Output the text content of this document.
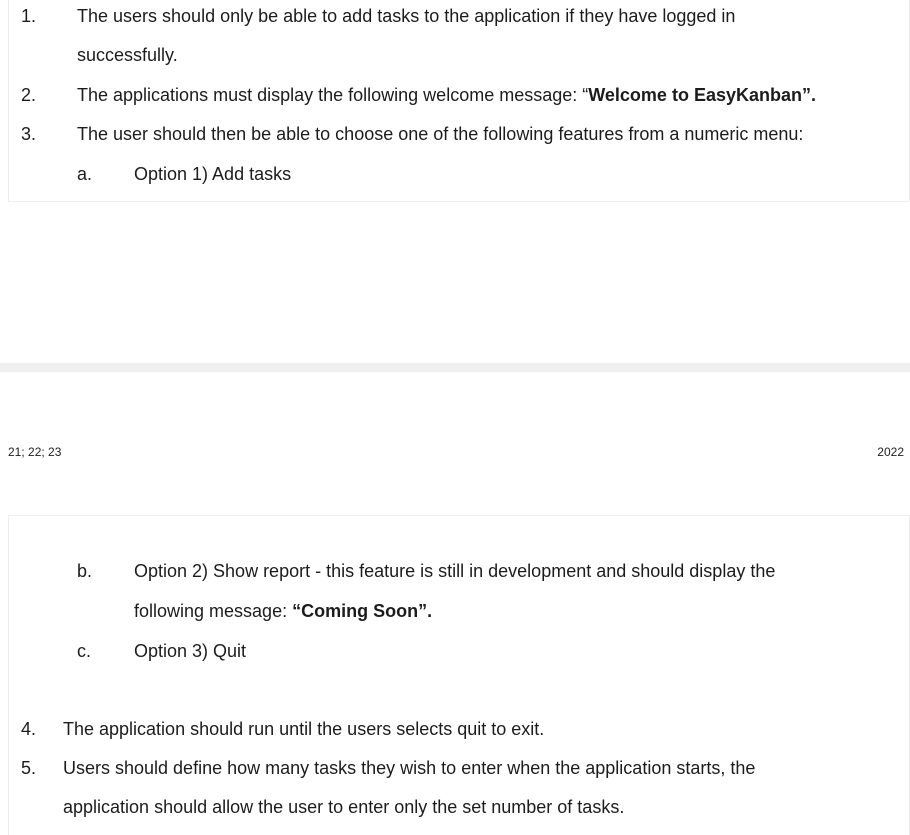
1. The users should only be able to add tasks to the application if they have logged in
successfully.
2. The applications must display the following welcome message: “Welcome to EasyKanban”.
3. The user should then be able to choose one of the following features from a numeric menu:
a. Option 1) Add tasks
21; 22; 23	2022
b. Option 2) Show report - this feature is still in development and should display the
following message: “Coming Soon”.
c. Option 3) Quit
4. The application should run until the users selects quit to exit.
5. Users should define how many tasks they wish to enter when the application starts, the
application should allow the user to enter only the set number of tasks.
